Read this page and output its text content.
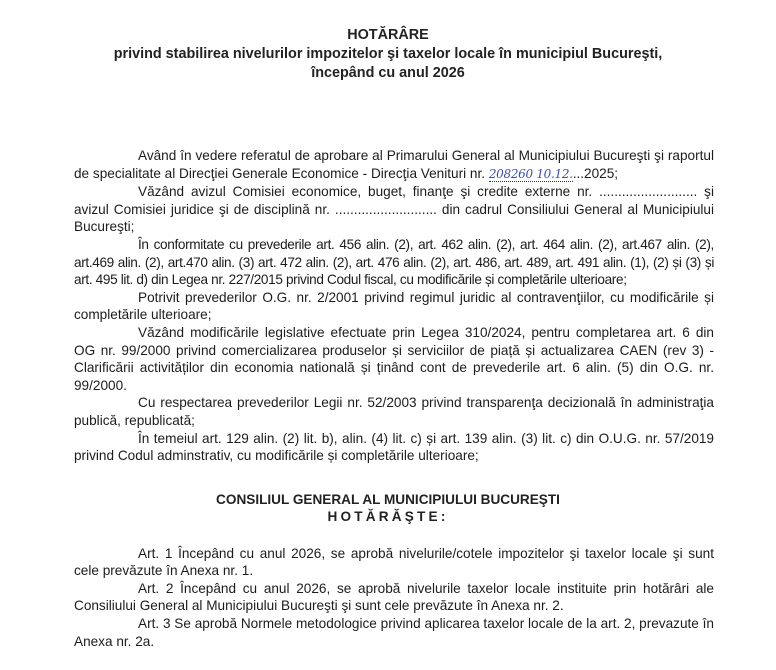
HOTĂRÂRE
privind stabilirea nivelurilor impozitelor şi taxelor locale în municipiul Bucureşti,
începând cu anul 2026

Având în vedere referatul de aprobare al Primarului General al Municipiului Bucureşti şi raportul de specialitate al Direcţiei Generale Economice - Direcţia Venituri nr. 208260 10.12....2025;

Văzând avizul Comisiei economice, buget, finanţe şi credite externe nr. .......................... şi avizul Comisiei juridice şi de disciplină nr. ........................... din cadrul Consiliului General al Municipiului Bucureşti;

În conformitate cu prevederile art. 456 alin. (2), art. 462 alin. (2), art. 464 alin. (2), art.467 alin. (2), art.469 alin. (2), art.470 alin. (3) art. 472 alin. (2), art. 476 alin. (2), art. 486, art. 489, art. 491 alin. (1), (2) și (3) și art. 495 lit. d) din Legea nr. 227/2015 privind Codul fiscal, cu modificările și completările ulterioare;

Potrivit prevederilor O.G. nr. 2/2001 privind regimul juridic al contravenţiilor, cu modificările și completările ulterioare;

Văzând modificările legislative efectuate prin Legea 310/2024, pentru completarea art. 6 din OG nr. 99/2000 privind comercializarea produselor și serviciilor de piață și actualizarea CAEN (rev 3) - Clarificării activităților din economia natională și ținând cont de prevederile art. 6 alin. (5) din O.G. nr. 99/2000.

Cu respectarea prevederilor Legii nr. 52/2003 privind transparenţa decizională în administraţia publică, republicată;

În temeiul art. 129 alin. (2) lit. b), alin. (4) lit. c) și art. 139 alin. (3) lit. c) din O.U.G. nr. 57/2019 privind Codul adminstrativ, cu modificările și completările ulterioare;

CONSILIUL GENERAL AL MUNICIPIULUI BUCUREŞTI
HOTĂRĂŞTE:

Art. 1 Începând cu anul 2026, se aprobă nivelurile/cotele impozitelor şi taxelor locale şi sunt cele prevăzute în Anexa nr. 1.

Art. 2 Începând cu anul 2026, se aprobă nivelurile taxelor locale instituite prin hotărâri ale Consiliului General al Municipiului Bucureşti şi sunt cele prevăzute în Anexa nr. 2.

Art. 3 Se aprobă Normele metodologice privind aplicarea taxelor locale de la art. 2, prevazute în Anexa nr. 2a.
